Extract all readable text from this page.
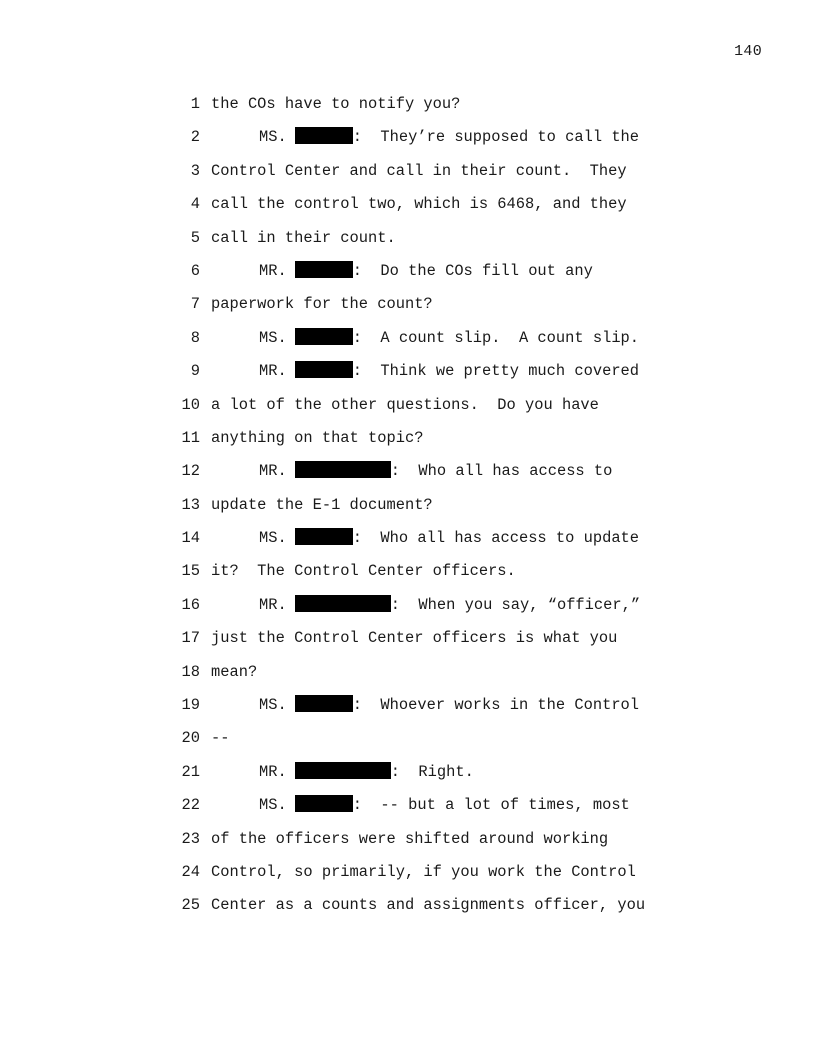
140
1 the COs have to notify you?
2	MS.	:  They’re supposed to call the
3 Control Center and call in their count.  They
4 call the control two, which is 6468, and they
5 call in their count.
6	MR.	:  Do the COs fill out any
7 paperwork for the count?
8	MS.	:  A count slip.  A count slip.
9	MR.	:  Think we pretty much covered
10 a lot of the other questions.  Do you have
11 anything on that topic?
12	MR.	:  Who all has access to
13 update the E-1 document?
14	MS.	:  Who all has access to update
15 it?  The Control Center officers.
16	MR.	:  When you say, “officer,”
17 just the Control Center officers is what you
18 mean?
19	MS.	:  Whoever works in the Control
20 --
21	MR.	:  Right.
22	MS.	:  -- but a lot of times, most
23 of the officers were shifted around working
24 Control, so primarily, if you work the Control
25 Center as a counts and assignments officer, you
